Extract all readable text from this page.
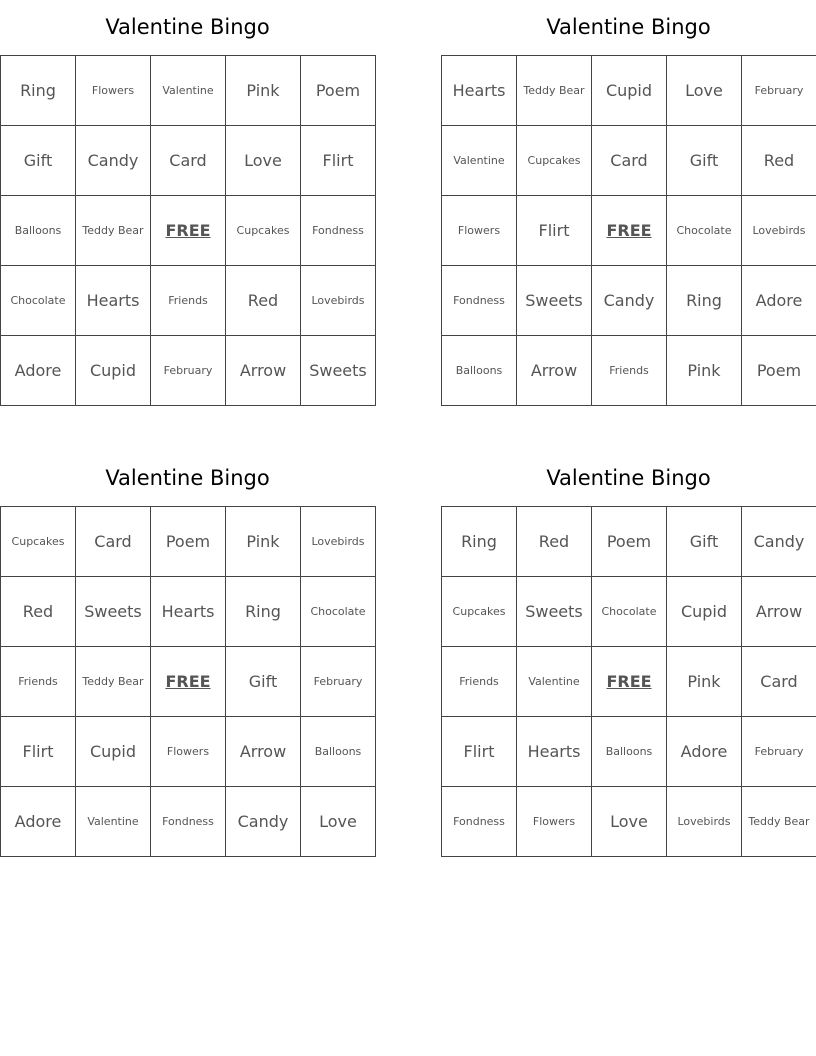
Valentine Bingo
Ring	Flowers	Valentine	Pink	Poem
Gift	Candy	Card	Love	Flirt
Balloons	Teddy Bear	FREE	Cupcakes	Fondness
Chocolate	Hearts	Friends	Red	Lovebirds
Adore	Cupid	February	Arrow	Sweets
Valentine Bingo
Hearts	Teddy Bear	Cupid	Love	February
Valentine	Cupcakes	Card	Gift	Red
Flowers	Flirt	FREE	Chocolate	Lovebirds
Fondness	Sweets	Candy	Ring	Adore
Balloons	Arrow	Friends	Pink	Poem
Valentine Bingo
Cupcakes	Card	Poem	Pink	Lovebirds
Red	Sweets	Hearts	Ring	Chocolate
Friends	Teddy Bear	FREE	Gift	February
Flirt	Cupid	Flowers	Arrow	Balloons
Adore	Valentine	Fondness	Candy	Love
Valentine Bingo
Ring	Red	Poem	Gift	Candy
Cupcakes	Sweets	Chocolate	Cupid	Arrow
Friends	Valentine	FREE	Pink	Card
Flirt	Hearts	Balloons	Adore	February
Fondness	Flowers	Love	Lovebirds	Teddy Bear
